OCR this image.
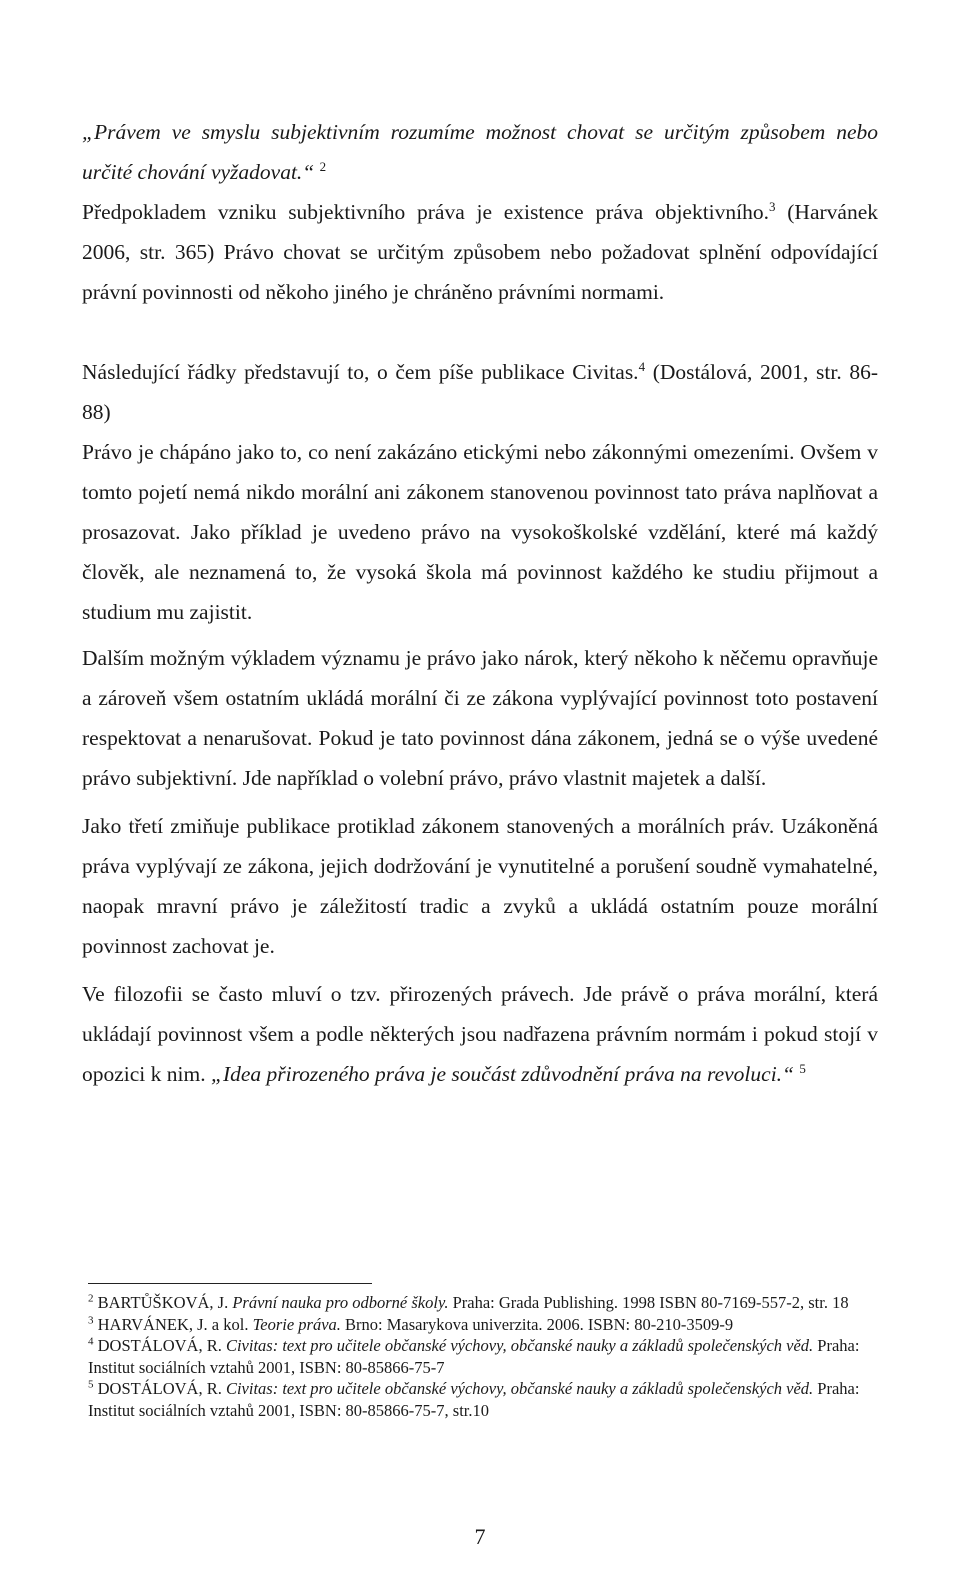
„Právem ve smyslu subjektivním rozumíme možnost chovat se určitým způsobem nebo určité chování vyžadovat.“ $^2$

Předpokladem vzniku subjektivního práva je existence práva objektivního.$^3$ (Harvánek 2006, str. 365) Právo chovat se určitým způsobem nebo požadovat splnění odpovídající právní povinnosti od někoho jiného je chráněno právními normami.

Následující řádky představují to, o čem píše publikace Civitas.$^4$ (Dostálová, 2001, str. 86-88)

Právo je chápáno jako to, co není zakázáno etickými nebo zákonnými omezeními. Ovšem v tomto pojetí nemá nikdo morální ani zákonem stanovenou povinnost tato práva naplňovat a prosazovat. Jako příklad je uvedeno právo na vysokoškolské vzdělání, které má každý člověk, ale neznamená to, že vysoká škola má povinnost každého ke studiu přijmout a studium mu zajistit.

Dalším možným výkladem významu je právo jako nárok, který někoho k něčemu opravňuje a zároveň všem ostatním ukládá morální či ze zákona vyplývající povinnost toto postavení respektovat a nenarušovat. Pokud je tato povinnost dána zákonem, jedná se o výše uvedené právo subjektivní. Jde například o volební právo, právo vlastnit majetek a další.

Jako třetí zmiňuje publikace protiklad zákonem stanovených a morálních práv. Uzákoněná práva vyplývají ze zákona, jejich dodržování je vynutitelné a porušení soudně vymahatelné, naopak mravní právo je záležitostí tradic a zvyků a ukládá ostatním pouze morální povinnost zachovat je.

Ve filozofii se často mluví o tzv. přirozených právech. Jde právě o práva morální, která ukládají povinnost všem a podle některých jsou nadřazena právním normám i pokud stojí v opozici k nim. „Idea přirozeného práva je součást zdůvodnění práva na revoluci.“ $^5$

$^2$ BARTŮŠKOVÁ, J. Právní nauka pro odborné školy. Praha: Grada Publishing. 1998 ISBN 80-7169-557-2, str. 18

$^3$ HARVÁNEK, J. a kol. Teorie práva. Brno: Masarykova univerzita. 2006. ISBN: 80-210-3509-9

$^4$ DOSTÁLOVÁ, R. Civitas: text pro učitele občanské výchovy, občanské nauky a základů společenských věd. Praha: Institut sociálních vztahů 2001, ISBN: 80-85866-75-7

$^5$ DOSTÁLOVÁ, R. Civitas: text pro učitele občanské výchovy, občanské nauky a základů společenských věd. Praha: Institut sociálních vztahů 2001, ISBN: 80-85866-75-7, str.10

7
